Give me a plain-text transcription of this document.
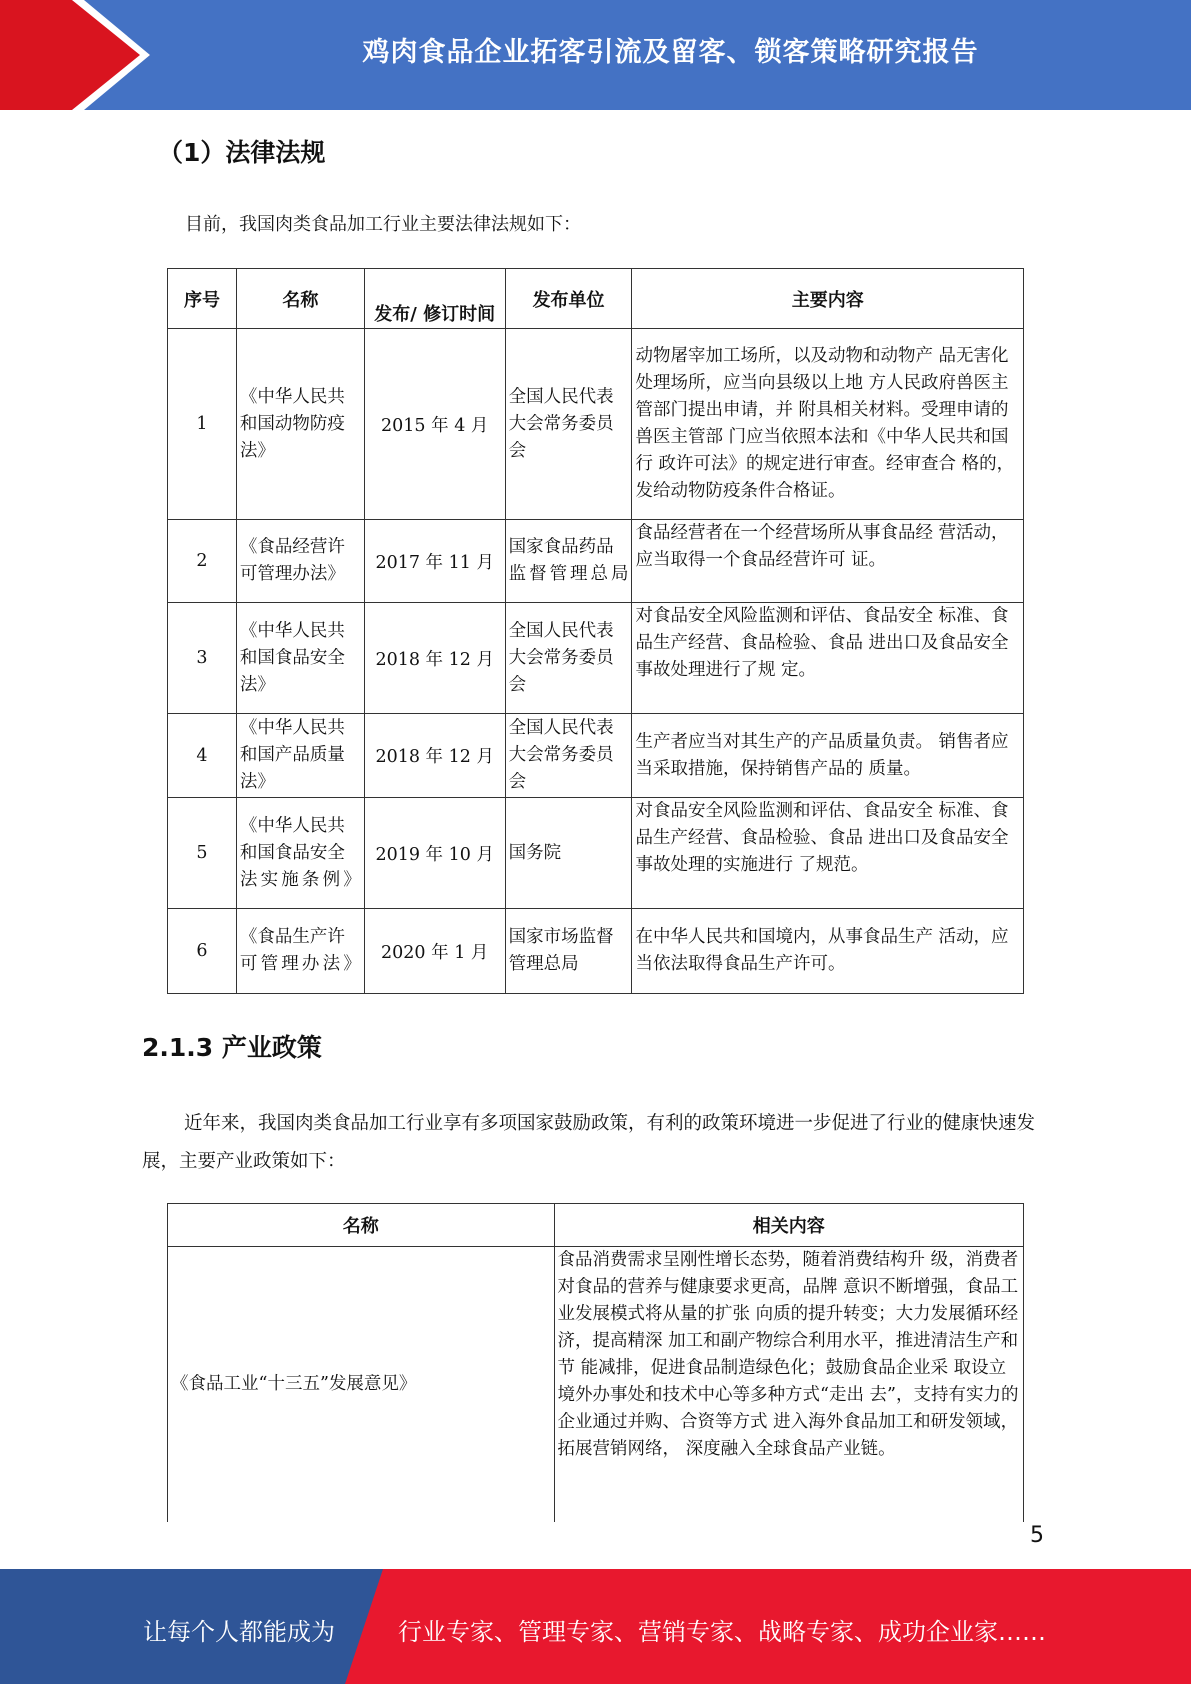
鸡肉食品企业拓客引流及留客、锁客策略研究报告
（1）法律法规
目前，我国肉类食品加工行业主要法律法规如下：
序号	名称	发布/ 修订时间	发布单位	主要内容
1	《中华人民共和国动物防疫法》	2015 年 4 月	全国人民代表大会常务委员会	动物屠宰加工场所，以及动物和动物产 品无害化处理场所，应当向县级以上地 方人民政府兽医主管部门提出申请，并 附具相关材料。受理申请的兽医主管部 门应当依照本法和《中华人民共和国行 政许可法》的规定进行审查。经审查合 格的，发给动物防疫条件合格证。
2	《食品经营许可管理办法》	2017 年 11 月	国家食品药品监督管理总局	食品经营者在一个经营场所从事食品经 营活动，应当取得一个食品经营许可 证。
3	《中华人民共和国食品安全法》	2018 年 12 月	全国人民代表大会常务委员会	对食品安全风险监测和评估、食品安全 标准、食品生产经营、食品检验、食品 进出口及食品安全事故处理进行了规 定。
4	《中华人民共和国产品质量法》	2018 年 12 月	全国人民代表大会常务委员会	生产者应当对其生产的产品质量负责。 销售者应当采取措施，保持销售产品的 质量。
5	《中华人民共和国食品安全法实施条例》	2019 年 10 月	国务院	对食品安全风险监测和评估、食品安全 标准、食品生产经营、食品检验、食品 进出口及食品安全事故处理的实施进行 了规范。
6	《食品生产许可管理办法》	2020 年 1 月	国家市场监督管理总局	在中华人民共和国境内，从事食品生产 活动，应当依法取得食品生产许可。
2.1.3 产业政策
近年来，我国肉类食品加工行业享有多项国家鼓励政策，有利的政策环境进一步促进了行业的健康快速发展，主要产业政策如下：
名称	相关内容
《食品工业“十三五”发展意见》	食品消费需求呈刚性增长态势，随着消费结构升 级，消费者对食品的营养与健康要求更高，品牌 意识不断增强，食品工业发展模式将从量的扩张 向质的提升转变；大力发展循环经济，提高精深 加工和副产物综合利用水平，推进清洁生产和节 能减排，促进食品制造绿色化；鼓励食品企业采 取设立境外办事处和技术中心等多种方式“走出 去”，支持有实力的企业通过并购、合资等方式 进入海外食品加工和研发领域，拓展营销网络， 深度融入全球食品产业链。
5
让每个人都能成为	行业专家、管理专家、营销专家、战略专家、成功企业家……
